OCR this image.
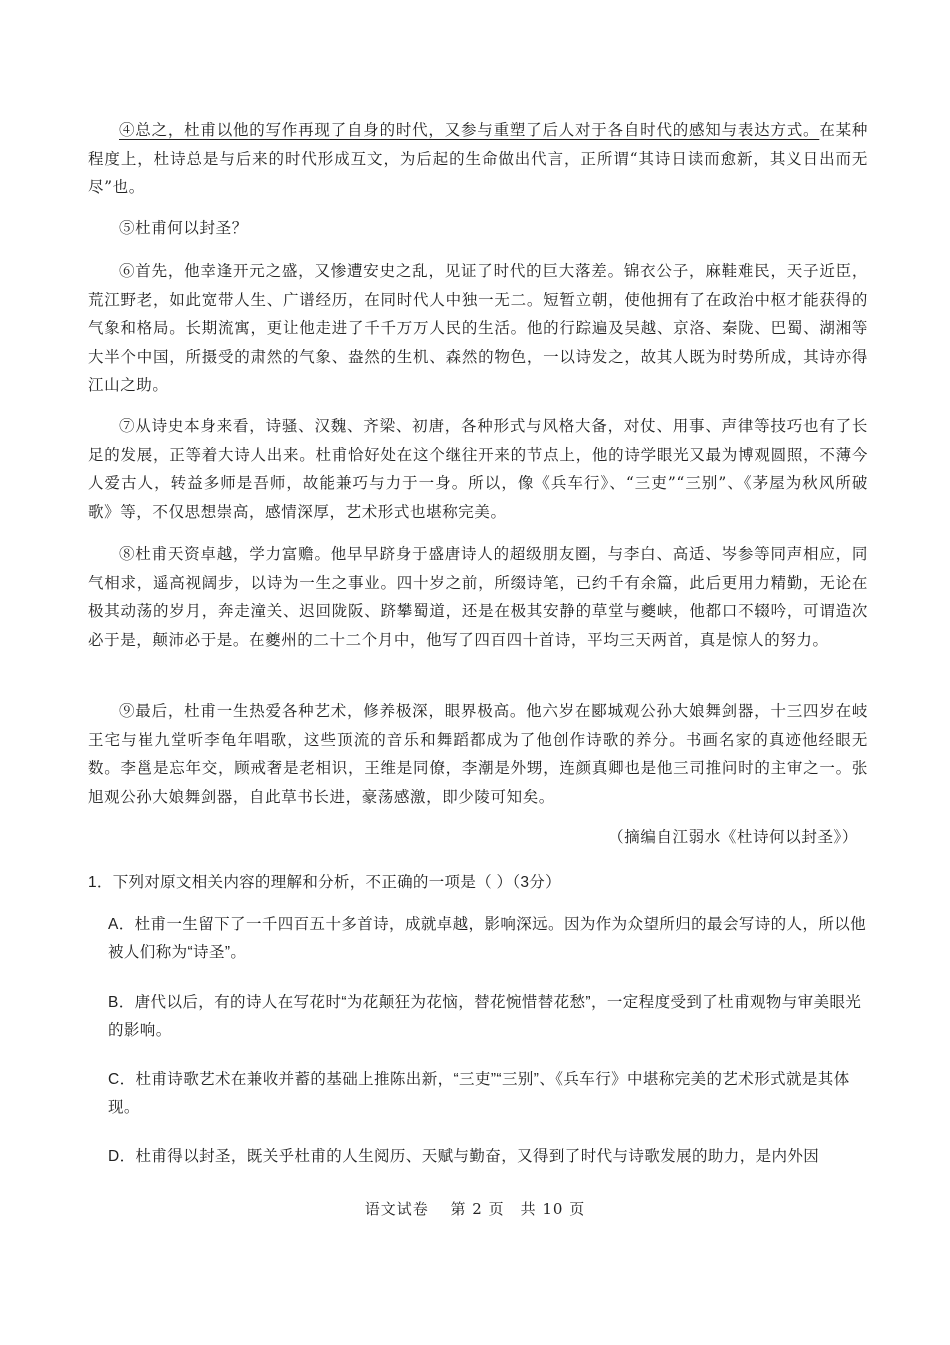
④总之，杜甫以他的写作再现了自身的时代，又参与重塑了后人对于各自时代的感知与表达方式。在某种程度上，杜诗总是与后来的时代形成互文，为后起的生命做出代言，正所谓“其诗日读而愈新，其义日出而无尽”也。
⑤杜甫何以封圣？
⑥首先，他幸逢开元之盛，又惨遭安史之乱，见证了时代的巨大落差。锦衣公子，麻鞋难民，天子近臣，荒江野老，如此宽带人生、广谱经历，在同时代人中独一无二。短暂立朝，使他拥有了在政治中枢才能获得的气象和格局。长期流寓，更让他走进了千千万万人民的生活。他的行踪遍及吴越、京洛、秦陇、巴蜀、湖湘等大半个中国，所摄受的肃然的气象、盎然的生机、森然的物色，一以诗发之，故其人既为时势所成，其诗亦得江山之助。
⑦从诗史本身来看，诗骚、汉魏、齐梁、初唐，各种形式与风格大备，对仗、用事、声律等技巧也有了长足的发展，正等着大诗人出来。杜甫恰好处在这个继往开来的节点上，他的诗学眼光又最为博观圆照，不薄今人爱古人，转益多师是吾师，故能兼巧与力于一身。所以，像《兵车行》、“三吏”“三别”、《茅屋为秋风所破歌》等，不仅思想崇高，感情深厚，艺术形式也堪称完美。
⑧杜甫天资卓越，学力富赡。他早早跻身于盛唐诗人的超级朋友圈，与李白、高适、岑参等同声相应，同气相求，遥高视阔步，以诗为一生之事业。四十岁之前，所缀诗笔，已约千有余篇，此后更用力精勤，无论在极其动荡的岁月，奔走潼关、迟回陇阪、跻攀蜀道，还是在极其安静的草堂与夔峡，他都口不辍吟，可谓造次必于是，颠沛必于是。在夔州的二十二个月中，他写了四百四十首诗，平均三天两首，真是惊人的努力。
⑨最后，杜甫一生热爱各种艺术，修养极深，眼界极高。他六岁在郾城观公孙大娘舞剑器，十三四岁在岐王宅与崔九堂听李龟年唱歌，这些顶流的音乐和舞蹈都成为了他创作诗歌的养分。书画名家的真迹他经眼无数。李邕是忘年交，顾戒奢是老相识，王维是同僚，李潮是外甥，连颜真卿也是他三司推问时的主审之一。张旭观公孙大娘舞剑器，自此草书长进，豪荡感激，即少陵可知矣。
（摘编自江弱水《杜诗何以封圣》）
1．下列对原文相关内容的理解和分析，不正确的一项是（ ）（3分）
A．杜甫一生留下了一千四百五十多首诗，成就卓越，影响深远。因为作为众望所归的最会写诗的人，所以他被人们称为“诗圣”。
B．唐代以后，有的诗人在写花时“为花颠狂为花恼，替花惋惜替花愁”，一定程度受到了杜甫观物与审美眼光的影响。
C．杜甫诗歌艺术在兼收并蓄的基础上推陈出新，“三吏”“三别”、《兵车行》中堪称完美的艺术形式就是其体现。
D．杜甫得以封圣，既关乎杜甫的人生阅历、天赋与勤奋，又得到了时代与诗歌发展的助力，是内外因
语文试卷　 第 2 页　共 10 页
